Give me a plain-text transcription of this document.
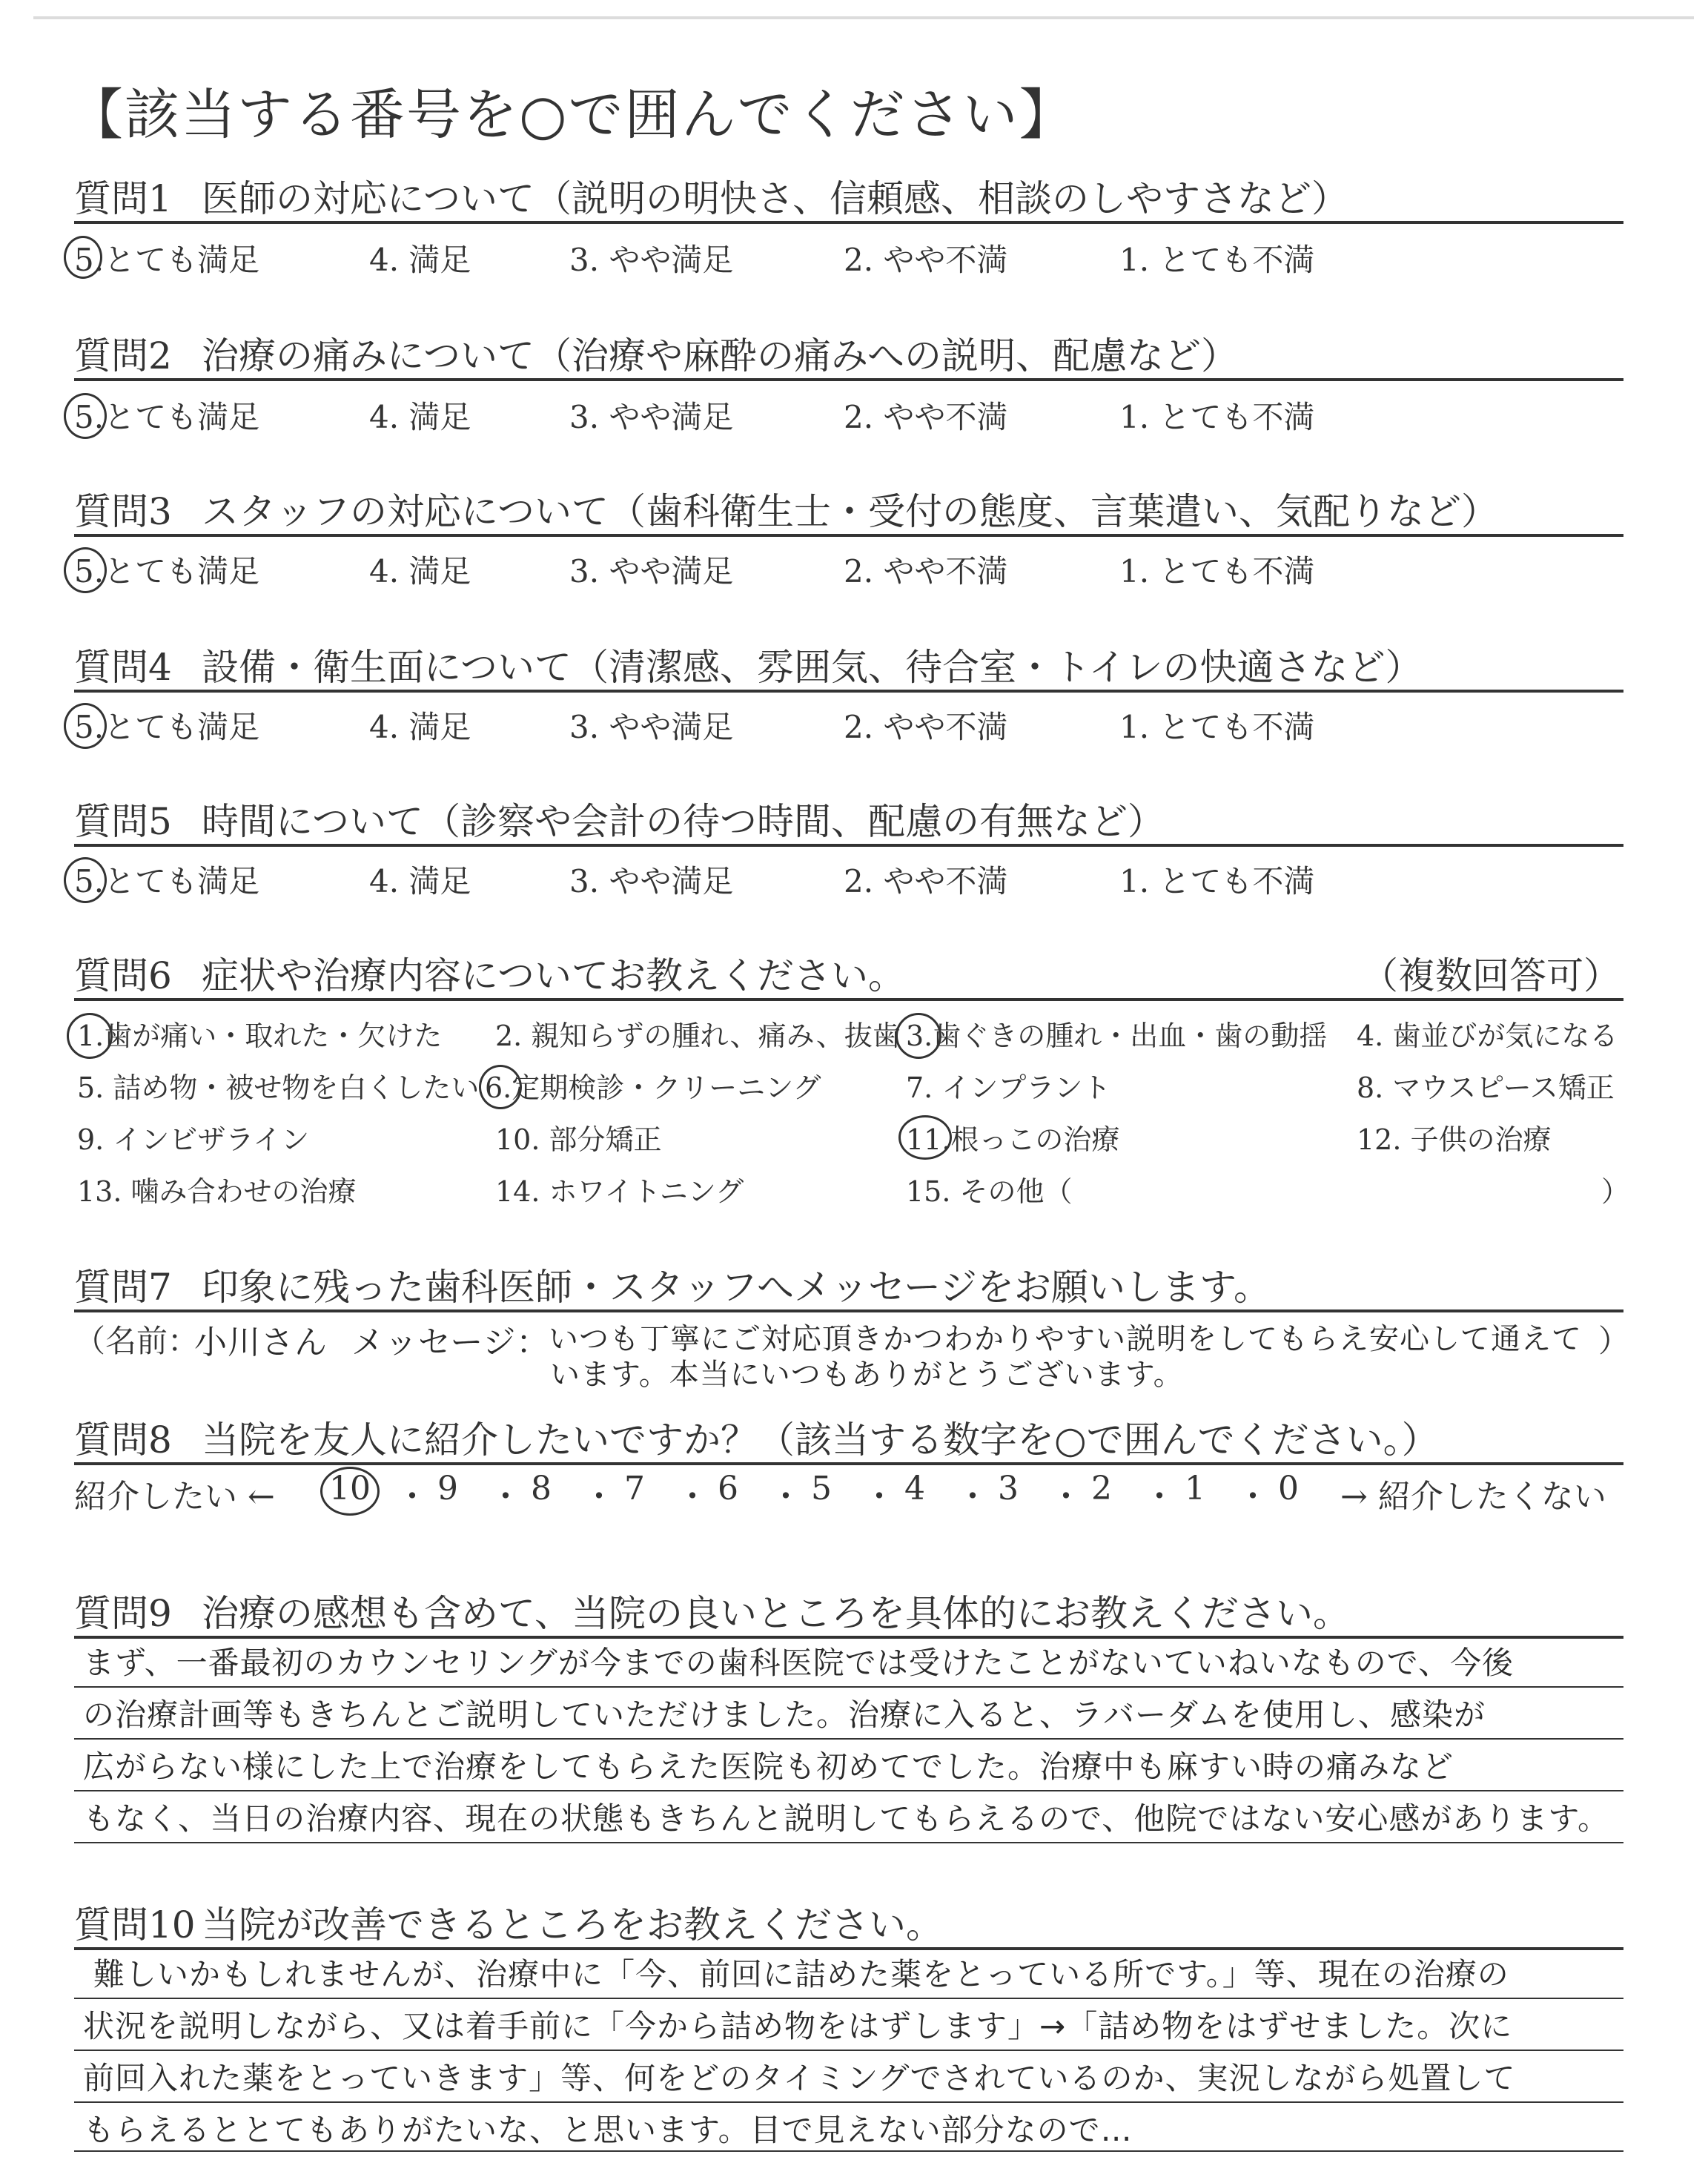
【該当する番号を○で囲んでください】
質問1 医師の対応について（説明の明快さ、信頼感、相談のしやすさなど）
5.とても満足	4. 満足	3. やや満足	2. やや不満	1. とても不満
質問2 治療の痛みについて（治療や麻酔の痛みへの説明、配慮など）
5.とても満足	4. 満足	3. やや満足	2. やや不満	1. とても不満
質問3 スタッフの対応について（歯科衛生士・受付の態度、言葉遣い、気配りなど）
5.とても満足	4. 満足	3. やや満足	2. やや不満	1. とても不満
質問4 設備・衛生面について（清潔感、雰囲気、待合室・トイレの快適さなど）
5.とても満足	4. 満足	3. やや満足	2. やや不満	1. とても不満
質問5 時間について（診察や会計の待つ時間、配慮の有無など）
5.とても満足	4. 満足	3. やや満足	2. やや不満	1. とても不満
質問6 症状や治療内容についてお教えください。	（複数回答可）
1.歯が痛い・取れた・欠けた 2. 親知らずの腫れ、痛み、抜歯 3.歯ぐきの腫れ・出血・歯の動揺 4. 歯並びが気になる
5. 詰め物・被せ物を白くしたい 6.定期検診・クリーニング	7. インプラント	8. マウスピース矯正
9. インビザライン	10. 部分矯正	11.根っこの治療	12. 子供の治療
13. 噛み合わせの治療	14. ホワイトニング	15. その他（	）
質問7 印象に残った歯科医師・スタッフへメッセージをお願いします。
（名前：
小川さん メッセージ：
いつも丁寧にご対応頂きかつわかりやすい説明をしてもらえ安心して通えて ）
います。本当にいつもありがとうございます。
質問8 当院を友人に紹介したいですか？（該当する数字を○で囲んでください。）
紹介したい ← 10 ・ 9 ・ 8 ・ 7 ・ 6 ・ 5 ・ 4 ・ 3 ・ 2 ・ 1 ・ 0 → 紹介したくない
質問9 治療の感想も含めて、当院の良いところを具体的にお教えください。
まず、一番最初のカウンセリングが今までの歯科医院では受けたことがないていねいなもので、今後
の治療計画等もきちんとご説明していただけました。治療に入ると、ラバーダムを使用し、感染が
広がらない様にした上で治療をしてもらえた医院も初めてでした。治療中も麻すい時の痛みなど
もなく、当日の治療内容、現在の状態もきちんと説明してもらえるので、他院ではない安心感があります。
質問10 当院が改善できるところをお教えください。
難しいかもしれませんが、治療中に「今、前回に詰めた薬をとっている所です。」等、現在の治療の
状況を説明しながら、又は着手前に「今から詰め物をはずします」→「詰め物をはずせました。次に
前回入れた薬をとっていきます」等、何をどのタイミングでされているのか、実況しながら処置して
もらえるととてもありがたいな、と思います。目で見えない部分なので…
